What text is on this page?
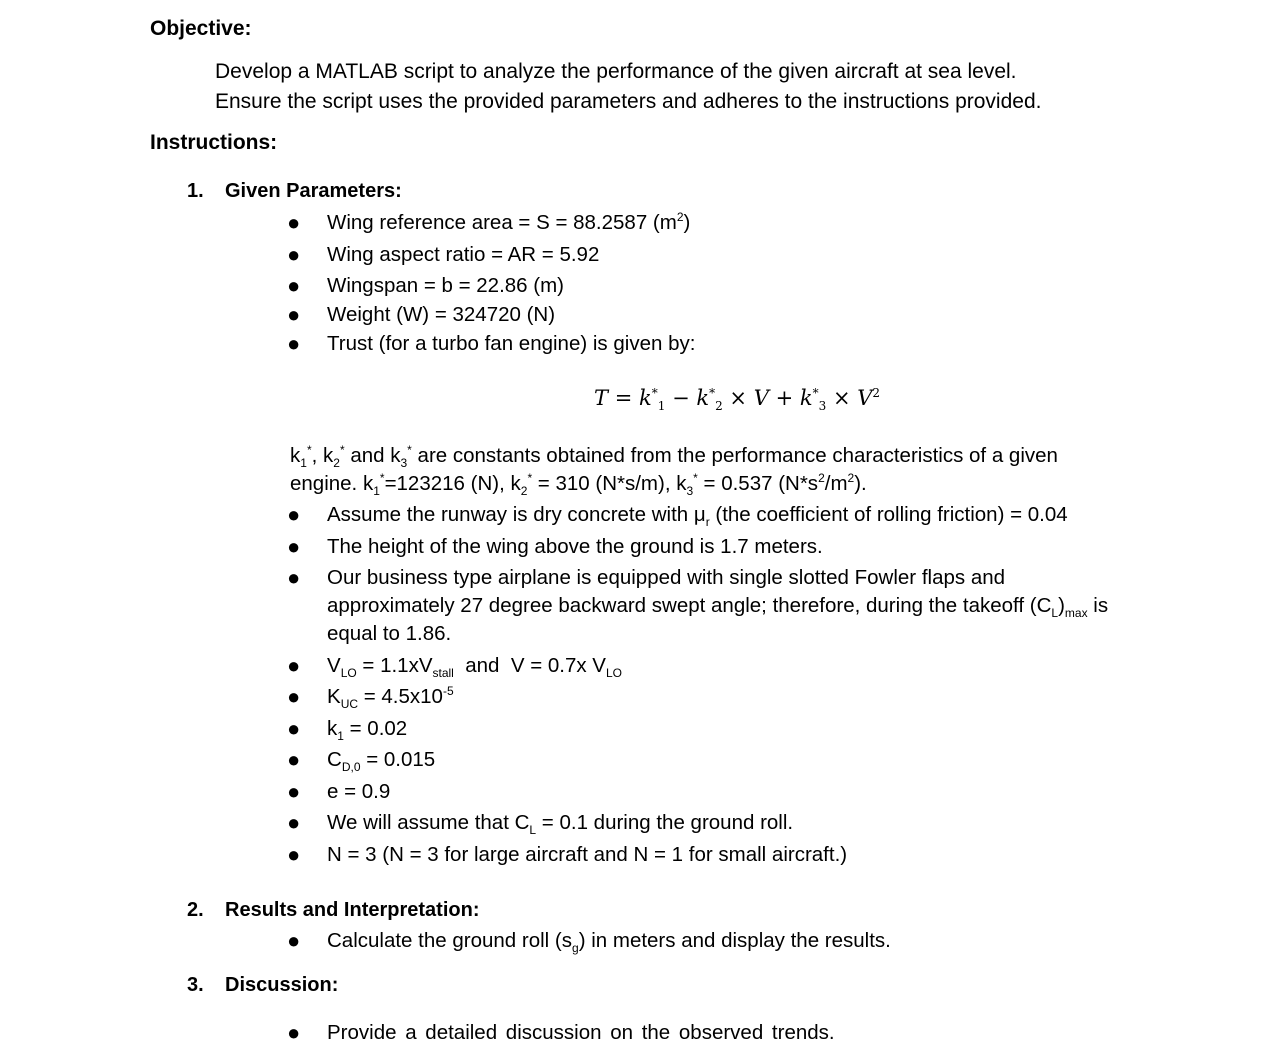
Objective:
Develop a MATLAB script to analyze the performance of the given aircraft at sea level.
Ensure the script uses the provided parameters and adheres to the instructions provided.
Instructions:
1. Given Parameters:
● Wing reference area = S = 88.2587 $(m^2)$
● Wing aspect ratio = AR = 5.92
● Wingspan = b = 22.86 (m)
● Weight (W) = 324720 (N)
● Trust (for a turbo fan engine) is given by:
$T = k^*_1 - k^*_2 \times V + k^*_3 \times V^2$
$k_1^*$, $k_2^*$ and $k_3^*$ are constants obtained from the performance characteristics of a given
engine. $k_1^*=123216$ (N), $k_2^* = 310$ (N*s/m), $k_3^* = 0.537$ $(N*s^2/m^2)$.
● Assume the runway is dry concrete with $\mu_r$ (the coefficient of rolling friction) = 0.04
● The height of the wing above the ground is 1.7 meters.
● Our business type airplane is equipped with single slotted Fowler flaps and
approximately 27 degree backward swept angle; therefore, during the takeoff $(C_L)_{max}$ is
equal to 1.86.
● $V_{LO} = 1.1xV_{stall}$  and  V = 0.7x $V_{LO}$
● $K_{UC} = 4.5x10^{-5}$
● $k_1 = 0.02$
● $C_{D,0} = 0.015$
● e = 0.9
● We will assume that $C_L = 0.1$ during the ground roll.
● N = 3 (N = 3 for large aircraft and N = 1 for small aircraft.)
2. Results and Interpretation:
● Calculate the ground roll $(s_g)$ in meters and display the results.
3. Discussion:
● Provide a detailed discussion on the observed trends.
